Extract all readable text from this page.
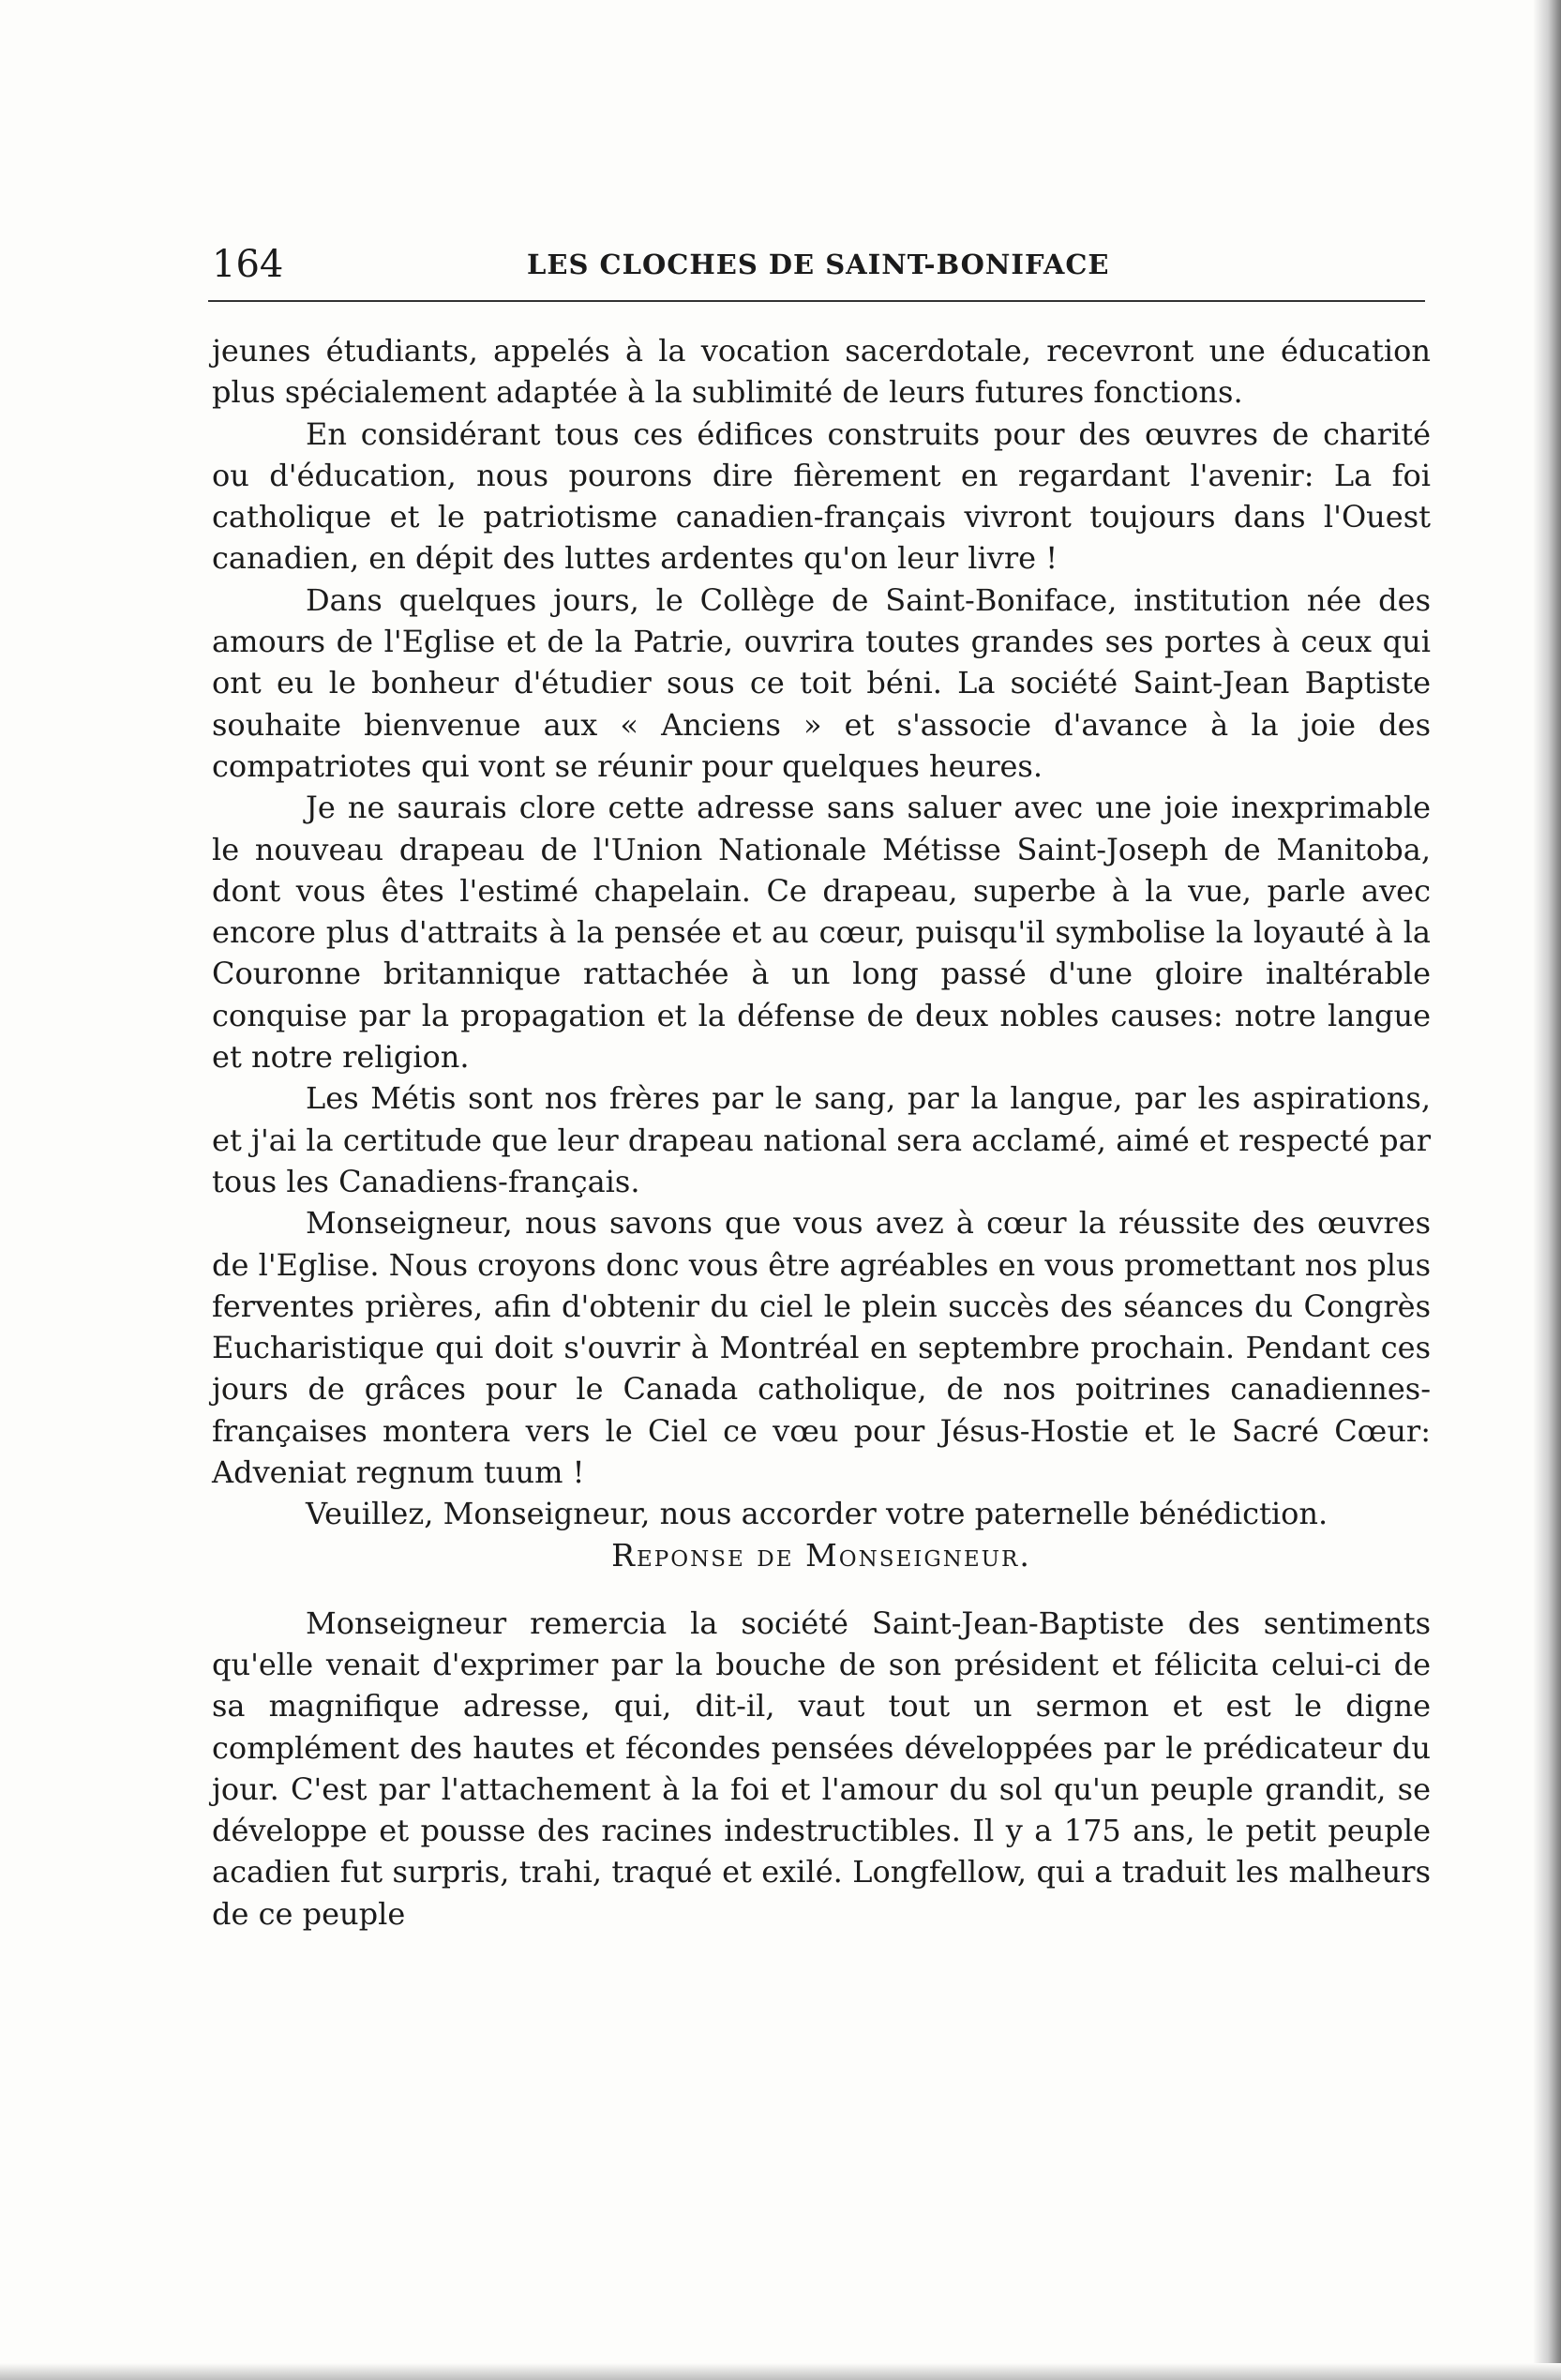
164	LES CLOCHES DE SAINT-BONIFACE

jeunes étudiants, appelés à la vocation sacerdotale, recevront une éducation plus spécialement adaptée à la sublimité de leurs futures fonctions.

En considérant tous ces édifices construits pour des œuvres de charité ou d'éducation, nous pourons dire fièrement en regardant l'avenir: La foi catholique et le patriotisme canadien-français vivront toujours dans l'Ouest canadien, en dépit des luttes ardentes qu'on leur livre !

Dans quelques jours, le Collège de Saint-Boniface, institution née des amours de l'Eglise et de la Patrie, ouvrira toutes grandes ses portes à ceux qui ont eu le bonheur d'étudier sous ce toit béni. La société Saint-Jean Baptiste souhaite bienvenue aux « Anciens » et s'associe d'avance à la joie des compatriotes qui vont se réunir pour quelques heures.

Je ne saurais clore cette adresse sans saluer avec une joie inexprimable le nouveau drapeau de l'Union Nationale Métisse Saint-Joseph de Manitoba, dont vous êtes l'estimé chapelain. Ce drapeau, superbe à la vue, parle avec encore plus d'attraits à la pensée et au cœur, puisqu'il symbolise la loyauté à la Couronne britannique rattachée à un long passé d'une gloire inaltérable conquise par la propagation et la défense de deux nobles causes: notre langue et notre religion.

Les Métis sont nos frères par le sang, par la langue, par les aspirations, et j'ai la certitude que leur drapeau national sera acclamé, aimé et respecté par tous les Canadiens-français.

Monseigneur, nous savons que vous avez à cœur la réussite des œuvres de l'Eglise. Nous croyons donc vous être agréables en vous promettant nos plus ferventes prières, afin d'obtenir du ciel le plein succès des séances du Congrès Eucharistique qui doit s'ouvrir à Montréal en septembre prochain. Pendant ces jours de grâces pour le Canada catholique, de nos poitrines canadiennes-françaises montera vers le Ciel ce vœu pour Jésus-Hostie et le Sacré Cœur: Adveniat regnum tuum !

Veuillez, Monseigneur, nous accorder votre paternelle bénédiction.

Reponse de Monseigneur.

Monseigneur remercia la société Saint-Jean-Baptiste des sentiments qu'elle venait d'exprimer par la bouche de son président et félicita celui-ci de sa magnifique adresse, qui, dit-il, vaut tout un sermon et est le digne complément des hautes et fécondes pensées développées par le prédicateur du jour. C'est par l'attachement à la foi et l'amour du sol qu'un peuple grandit, se développe et pousse des racines indestructibles. Il y a 175 ans, le petit peuple acadien fut surpris, trahi, traqué et exilé. Longfellow, qui a traduit les malheurs de ce peuple
